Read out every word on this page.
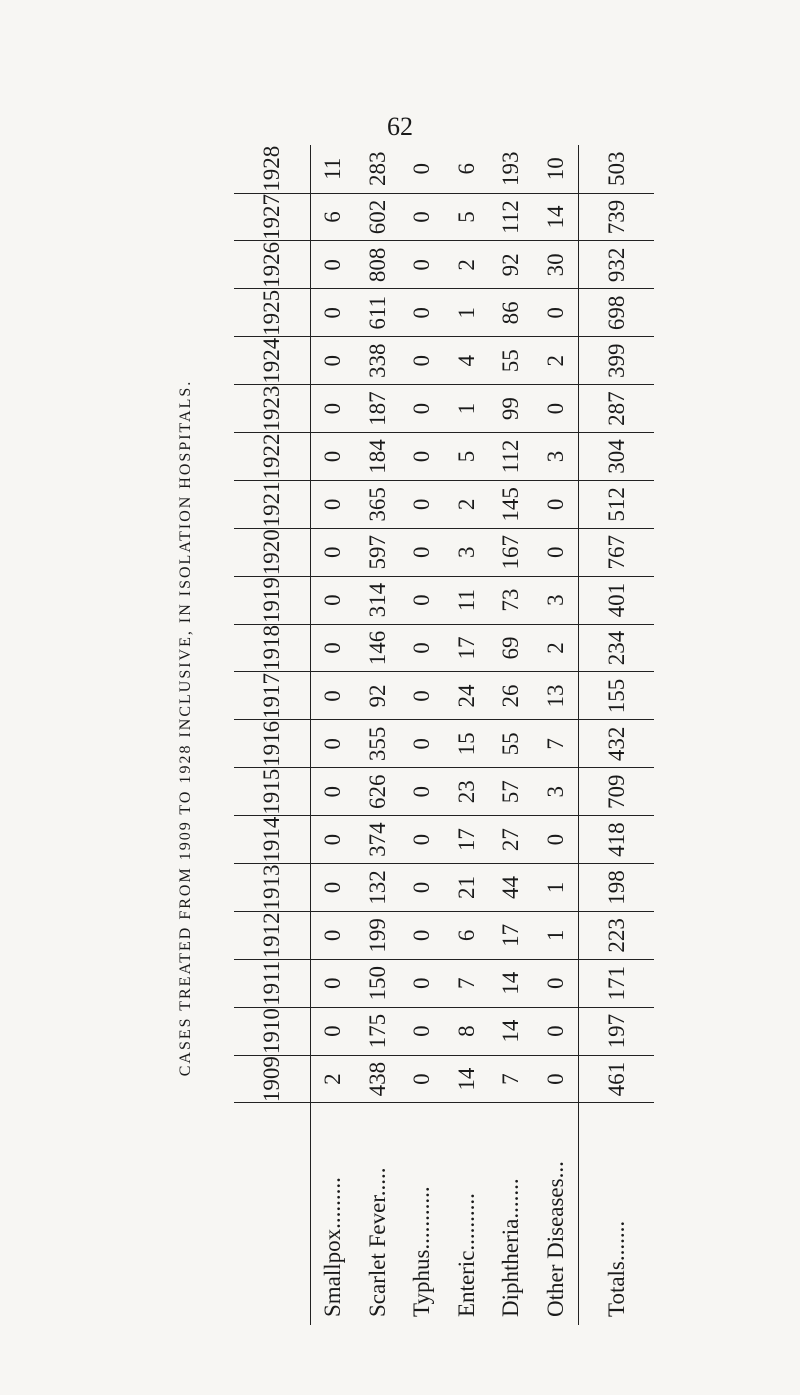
62
CASES TREATED FROM 1909 TO 1928 INCLUSIVE, IN ISOLATION HOSPITALS.
	1909	1910	1911	1912	1913	1914	1915	1916	1917	1918	1919	1920	1921	1922	1923	1924	1925	1926	1927	1928
Smallpox.........	2	0	0	0	0	0	0	0	0	0	0	0	0	0	0	0	0	0	6	11
Scarlet Fever.....	438	175	150	199	132	374	626	355	92	146	314	597	365	184	187	338	611	808	602	283
Typhus...........	0	0	0	0	0	0	0	0	0	0	0	0	0	0	0	0	0	0	0	0
Enteric..........	14	8	7	6	21	17	23	15	24	17	11	3	2	5	1	4	1	2	5	6
Diphtheria.......	7	14	14	17	44	27	57	55	26	69	73	167	145	112	99	55	86	92	112	193
Other Diseases...	0	0	0	1	1	0	3	7	13	2	3	0	0	3	0	2	0	30	14	10
Totals.......	461	197	171	223	198	418	709	432	155	234	401	767	512	304	287	399	698	932	739	503
